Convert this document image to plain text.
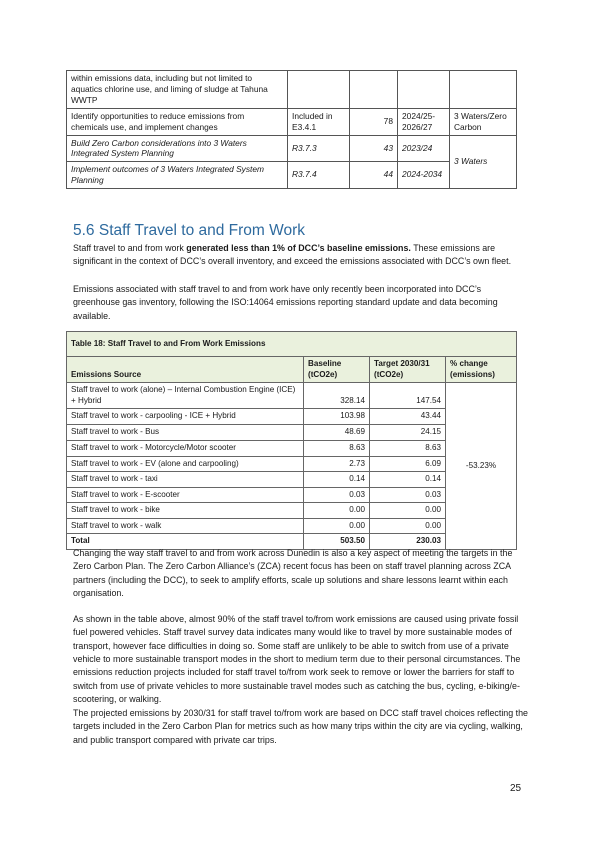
within emissions data, including but not limited to aquatics chlorine use, and liming of sludge at Tahuna WWTP				
Identify opportunities to reduce emissions from chemicals use, and implement changes	Included in E3.4.1	78	2024/25-2026/27	3 Waters/Zero Carbon
Build Zero Carbon considerations into 3 Waters Integrated System Planning	R3.7.3	43	2023/24	3 Waters
Implement outcomes of 3 Waters Integrated System Planning	R3.7.4	44	2024-2034	
5.6 Staff Travel to and From Work

Staff travel to and from work generated less than 1% of DCC’s baseline emissions. These emissions are significant in the context of DCC’s overall inventory, and exceed the emissions associated with DCC’s own fleet.

Emissions associated with staff travel to and from work have only recently been incorporated into DCC’s greenhouse gas inventory, following the ISO:14064 emissions reporting standard update and data becoming available.

Table 18: Staff Travel to and From Work Emissions			
Emissions Source	Baseline (tCO2e)	Target 2030/31 (tCO2e)	% change (emissions)
Staff travel to work (alone) – Internal Combustion Engine (ICE) + Hybrid	328.14	147.54	-53.23%
Staff travel to work - carpooling - ICE + Hybrid	103.98	43.44	
Staff travel to work - Bus	48.69	24.15	
Staff travel to work - Motorcycle/Motor scooter	8.63	8.63	
Staff travel to work - EV (alone and carpooling)	2.73	6.09	
Staff travel to work - taxi	0.14	0.14	
Staff travel to work - E-scooter	0.03	0.03	
Staff travel to work - bike	0.00	0.00	
Staff travel to work - walk	0.00	0.00	
Total	503.50	230.03	

Changing the way staff travel to and from work across Dunedin is also a key aspect of meeting the targets in the Zero Carbon Plan. The Zero Carbon Alliance’s (ZCA) recent focus has been on staff travel planning across ZCA partners (including the DCC), to seek to amplify efforts, scale up solutions and share lessons learnt within each organisation.

As shown in the table above, almost 90% of the staff travel to/from work emissions are caused using private fossil fuel powered vehicles. Staff travel survey data indicates many would like to travel by more sustainable modes of transport, however face difficulties in doing so. Some staff are unlikely to be able to switch from use of a private vehicle to more sustainable transport modes in the short to medium term due to their personal circumstances. The emissions reduction projects included for staff travel to/from work seek to remove or lower the barriers for staff to switch from use of private vehicles to more sustainable travel modes such as catching the bus, cycling, e-biking/e-scootering, or walking.

The projected emissions by 2030/31 for staff travel to/from work are based on DCC staff travel choices reflecting the targets included in the Zero Carbon Plan for metrics such as how many trips within the city are via cycling, walking, and public transport compared with private car trips.

25
